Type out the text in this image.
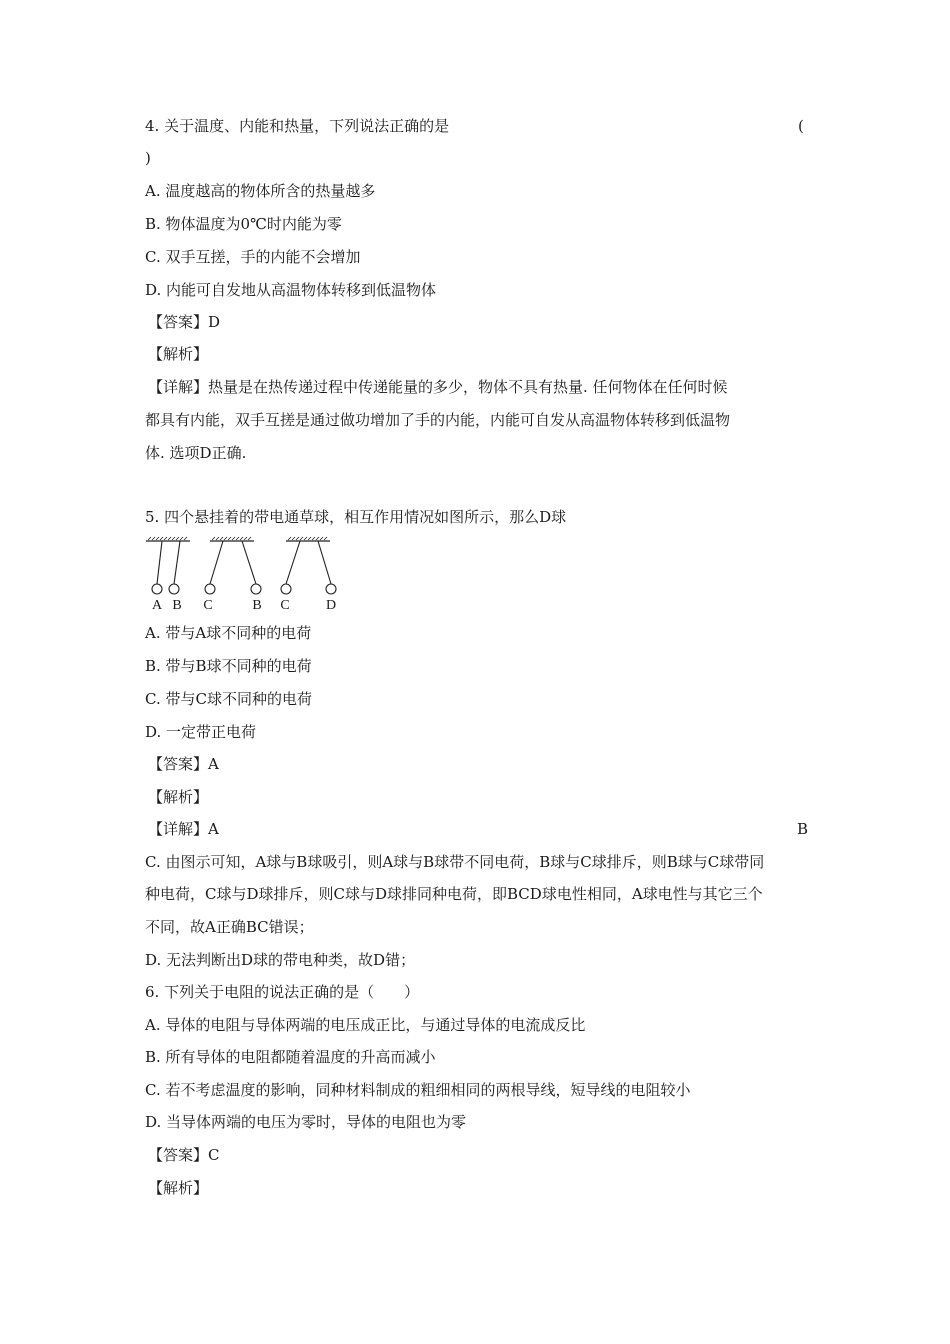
4. 关于温度、内能和热量，下列说法正确的是	(
)
A. 温度越高的物体所含的热量越多
B. 物体温度为0℃时内能为零
C. 双手互搓，手的内能不会增加
D. 内能可自发地从高温物体转移到低温物体
【答案】D
【解析】
【详解】热量是在热传递过程中传递能量的多少，物体不具有热量. 任何物体在任何时候
都具有内能，双手互搓是通过做功增加了手的内能，内能可自发从高温物体转移到低温物
体. 选项D正确.
5. 四个悬挂着的带电通草球，相互作用情况如图所示，那么D球
A B C	B C	D
A. 带与A球不同种的电荷
B. 带与B球不同种的电荷
C. 带与C球不同种的电荷
D. 一定带正电荷
【答案】A
【解析】
【详解】A	B
C. 由图示可知，A球与B球吸引，则A球与B球带不同电荷，B球与C球排斥，则B球与C球带同
种电荷，C球与D球排斥，则C球与D球排同种电荷，即BCD球电性相同，A球电性与其它三个
不同，故A正确BC错误；
D. 无法判断出D球的带电种类，故D错；
6. 下列关于电阻的说法正确的是（　　）
A. 导体的电阻与导体两端的电压成正比，与通过导体的电流成反比
B. 所有导体的电阻都随着温度的升高而减小
C. 若不考虑温度的影响，同种材料制成的粗细相同的两根导线，短导线的电阻较小
D. 当导体两端的电压为零时，导体的电阻也为零
【答案】C
【解析】
